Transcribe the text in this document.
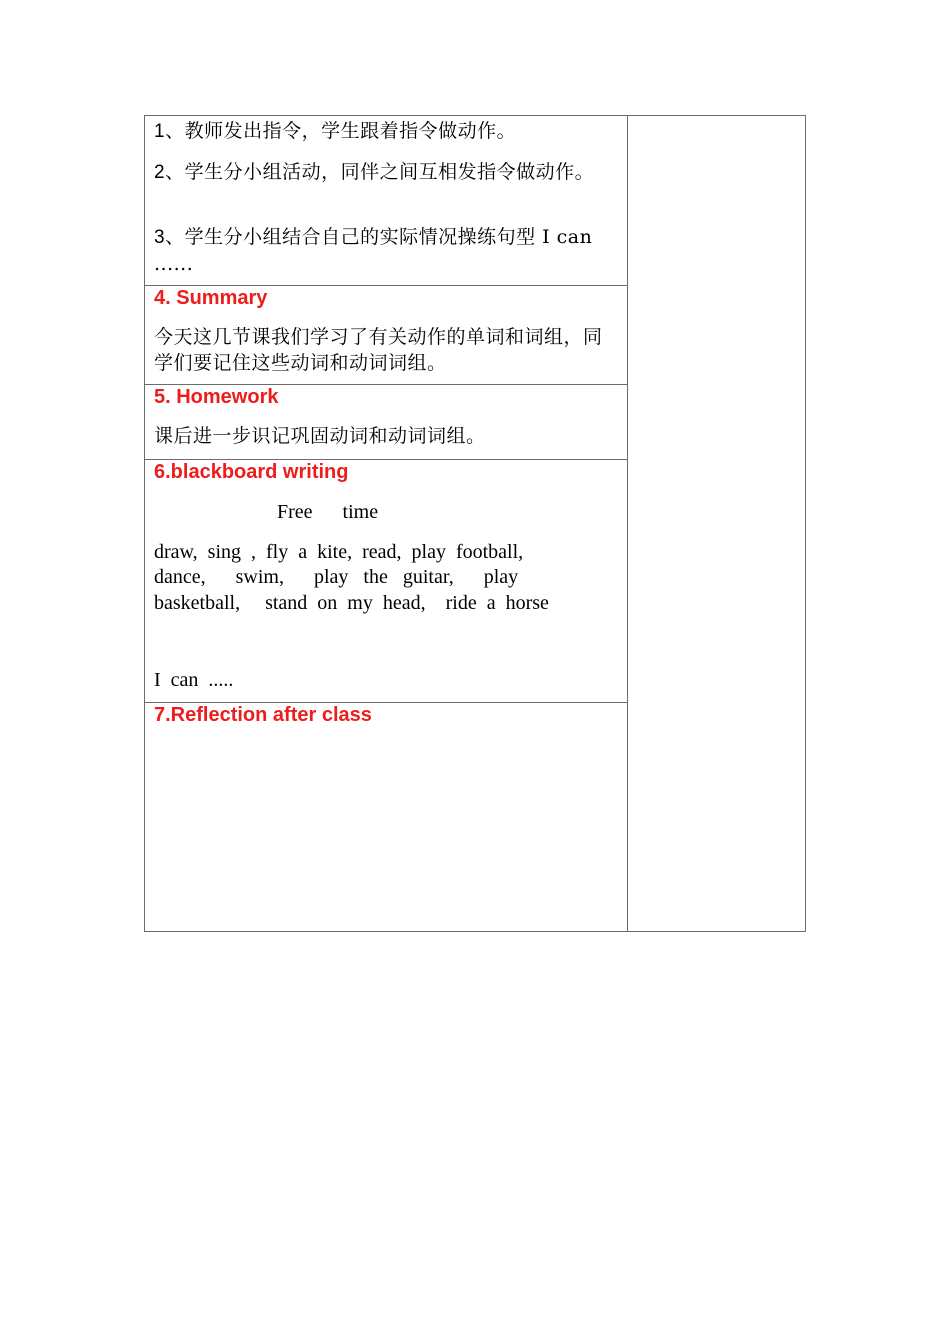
1、教师发出指令，学生跟着指令做动作。
2、学生分小组活动，同伴之间互相发指令做动作。
3、学生分小组结合自己的实际情况操练句型 I can ......
4. Summary
今天这几节课我们学习了有关动作的单词和词组，同学们要记住这些动词和动词词组。
5. Homework
课后进一步识记巩固动词和动词词组。
6.blackboard writing
Free time
draw,  sing  ,  fly  a  kite,  read,  play  football,
dance,      swim,      play   the   guitar,      play
basketball,     stand  on  my  head,    ride  a  horse
I  can  .....
7.Reflection after class
